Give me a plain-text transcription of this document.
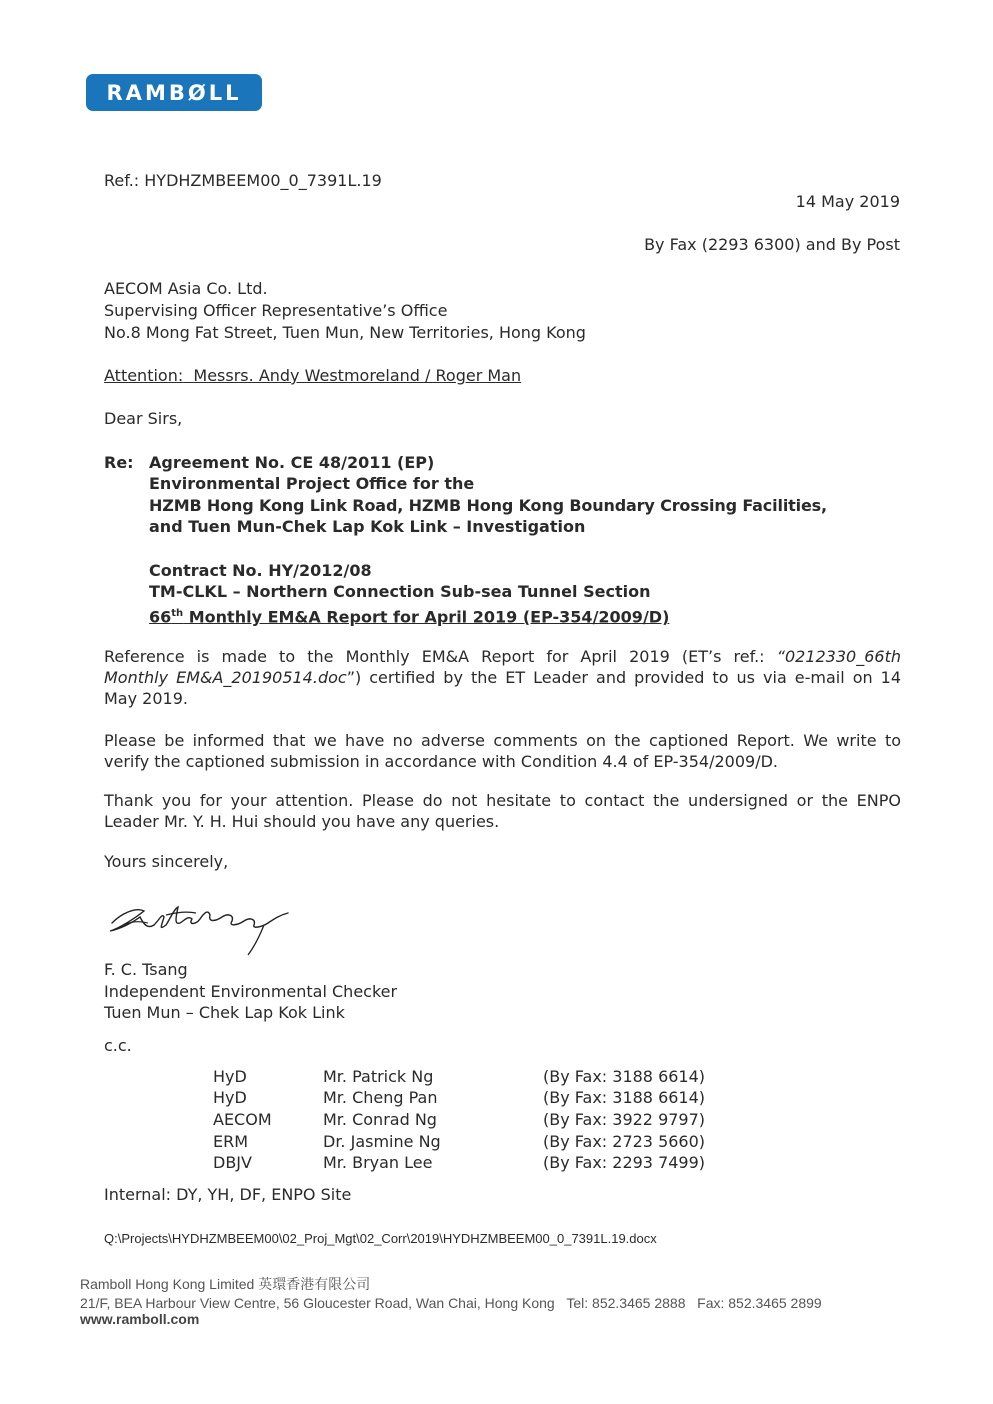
RAMBØLL
Ref.: HYDHZMBEEM00_0_7391L.19
14 May 2019
By Fax (2293 6300) and By Post
AECOM Asia Co. Ltd.
Supervising Officer Representative’s Office
No.8 Mong Fat Street, Tuen Mun, New Territories, Hong Kong
Attention: Messrs. Andy Westmoreland / Roger Man
Dear Sirs,
Re: Agreement No. CE 48/2011 (EP)
Environmental Project Office for the
HZMB Hong Kong Link Road, HZMB Hong Kong Boundary Crossing Facilities,
and Tuen Mun-Chek Lap Kok Link – Investigation
Contract No. HY/2012/08
TM-CLKL – Northern Connection Sub-sea Tunnel Section
66th Monthly EM&A Report for April 2019 (EP-354/2009/D)
Reference is made to the Monthly EM&A Report for April 2019 (ET’s ref.: “0212330_66th
Monthly EM&A_20190514.doc”) certified by the ET Leader and provided to us via e-mail on 14
May 2019.
Please be informed that we have no adverse comments on the captioned Report. We write to
verify the captioned submission in accordance with Condition 4.4 of EP-354/2009/D.
Thank you for your attention. Please do not hesitate to contact the undersigned or the ENPO
Leader Mr. Y. H. Hui should you have any queries.
Yours sincerely,
F. C. Tsang
Independent Environmental Checker
Tuen Mun – Chek Lap Kok Link
c.c.
HyD	Mr. Patrick Ng	(By Fax: 3188 6614)
HyD	Mr. Cheng Pan	(By Fax: 3188 6614)
AECOM	Mr. Conrad Ng	(By Fax: 3922 9797)
ERM	Dr. Jasmine Ng	(By Fax: 2723 5660)
DBJV	Mr. Bryan Lee	(By Fax: 2293 7499)
Internal: DY, YH, DF, ENPO Site
Q:\Projects\HYDHZMBEEM00\02_Proj_Mgt\02_Corr\2019\HYDHZMBEEM00_0_7391L.19.docx
Ramboll Hong Kong Limited 英環香港有限公司
21/F, BEA Harbour View Centre, 56 Gloucester Road, Wan Chai, Hong Kong Tel: 852.3465 2888 Fax: 852.3465 2899
www.ramboll.com
